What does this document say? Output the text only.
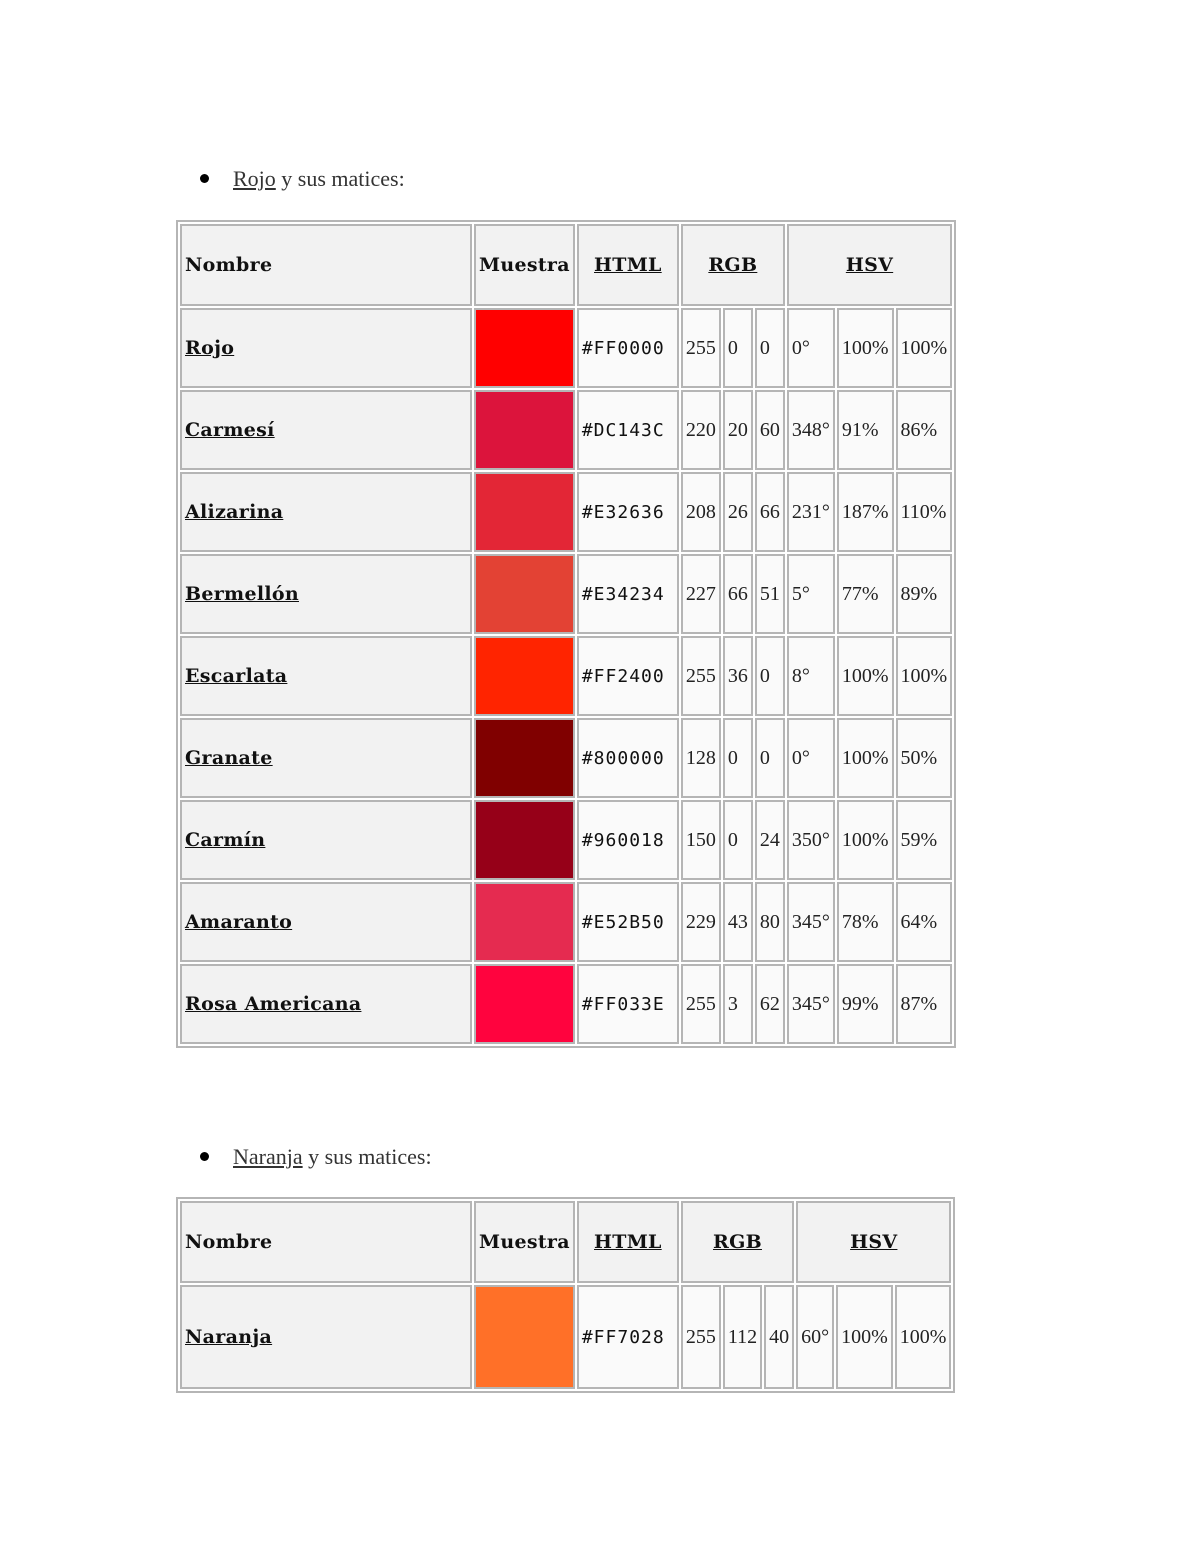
Rojo y sus matices:
Nombre	Muestra	HTML	RGB			HSV		
Rojo		#FF0000	255	0	0	0°	100%	100%
Carmesí		#DC143C	220	20	60	348°	91%	86%
Alizarina		#E32636	208	26	66	231°	187%	110%
Bermellón		#E34234	227	66	51	5°	77%	89%
Escarlata		#FF2400	255	36	0	8°	100%	100%
Granate		#800000	128	0	0	0°	100%	50%
Carmín		#960018	150	0	24	350°	100%	59%
Amaranto		#E52B50	229	43	80	345°	78%	64%
Rosa Americana		#FF033E	255	3	62	345°	99%	87%
Naranja y sus matices:
Nombre	Muestra	HTML	RGB			HSV		
Naranja		#FF7028	255	112	40	60°	100%	100%
